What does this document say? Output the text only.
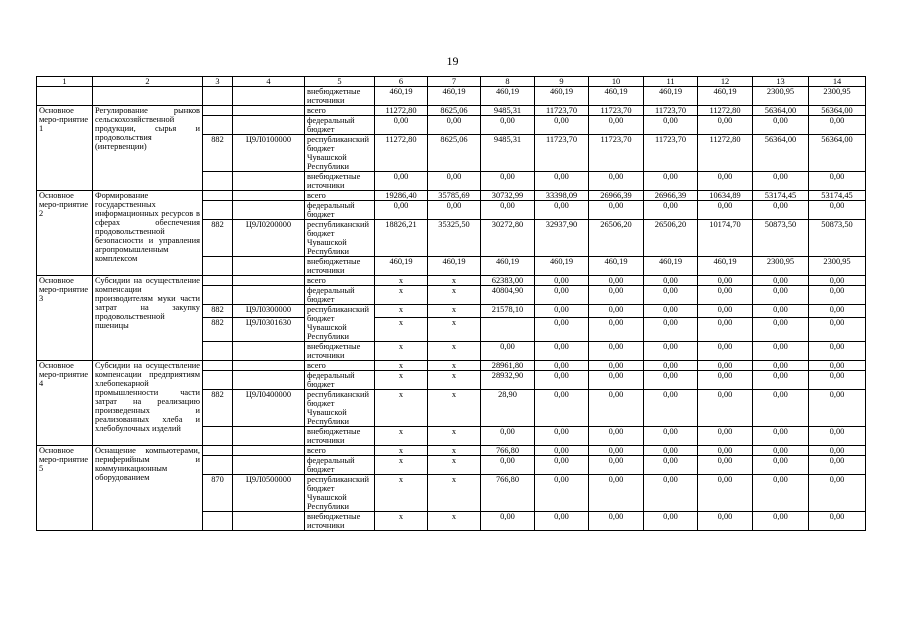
19
1	2	3	4	5	6	7	8	9	10	11	12	13	14
				внебюджетные источники	460,19	460,19	460,19	460,19	460,19	460,19	460,19	2300,95	2300,95
Основное меро-приятие 1	Регулирование рынков сельскохозяйственной продукции, сырья и продовольствия (интервенции)			всего	11272,80	8625,06	9485,31	11723,70	11723,70	11723,70	11272,80	56364,00	56364,00
				федеральный бюджет	0,00	0,00	0,00	0,00	0,00	0,00	0,00	0,00	0,00
		882	Ц9Л0100000	республиканский бюджет Чувашской Республики	11272,80	8625,06	9485,31	11723,70	11723,70	11723,70	11272,80	56364,00	56364,00
				внебюджетные источники	0,00	0,00	0,00	0,00	0,00	0,00	0,00	0,00	0,00
Основное меро-приятие 2	Формирование государственных информационных ресурсов в сферах обеспечения продовольственной безопасности и управления агропромышленным комплексом			всего	19286,40	35785,69	30732,99	33398,09	26966,39	26966,39	10634,89	53174,45	53174,45
				федеральный бюджет	0,00	0,00	0,00	0,00	0,00	0,00	0,00	0,00	0,00
		882	Ц9Л0200000	республиканский бюджет Чувашской Республики	18826,21	35325,50	30272,80	32937,90	26506,20	26506,20	10174,70	50873,50	50873,50
				внебюджетные источники	460,19	460,19	460,19	460,19	460,19	460,19	460,19	2300,95	2300,95
Основное меро-приятие 3	Субсидии на осуществление компенсации производителям муки части затрат на закупку продовольственной пшеницы			всего	x	x	62383,00	0,00	0,00	0,00	0,00	0,00	0,00
				федеральный бюджет	x	x	40804,90	0,00	0,00	0,00	0,00	0,00	0,00
		882	Ц9Л0300000	республиканский бюджет Чувашской Республики	x	x	21578,10	0,00	0,00	0,00	0,00	0,00	0,00
		882	Ц9Л0301630		x	x		0,00	0,00	0,00	0,00	0,00	0,00
				внебюджетные источники	x	x	0,00	0,00	0,00	0,00	0,00	0,00	0,00
Основное меро-приятие 4	Субсидии на осуществление компенсации предприятиям хлебопекарной промышленности части затрат на реализацию произведенных и реализованных хлеба и хлебобулочных изделий			всего	x	x	28961,80	0,00	0,00	0,00	0,00	0,00	0,00
				федеральный бюджет	x	x	28932,90	0,00	0,00	0,00	0,00	0,00	0,00
		882	Ц9Л0400000	республиканский бюджет Чувашской Республики	x	x	28,90	0,00	0,00	0,00	0,00	0,00	0,00
				внебюджетные источники	x	x	0,00	0,00	0,00	0,00	0,00	0,00	0,00
Основное меро-приятие 5	Оснащение компьютерами, периферийным и коммуникационным оборудованием			всего	x	x	766,80	0,00	0,00	0,00	0,00	0,00	0,00
				федеральный бюджет	x	x	0,00	0,00	0,00	0,00	0,00	0,00	0,00
		870	Ц9Л0500000	республиканский бюджет Чувашской Республики	x	x	766,80	0,00	0,00	0,00	0,00	0,00	0,00
				внебюджетные источники	x	x	0,00	0,00	0,00	0,00	0,00	0,00	0,00
